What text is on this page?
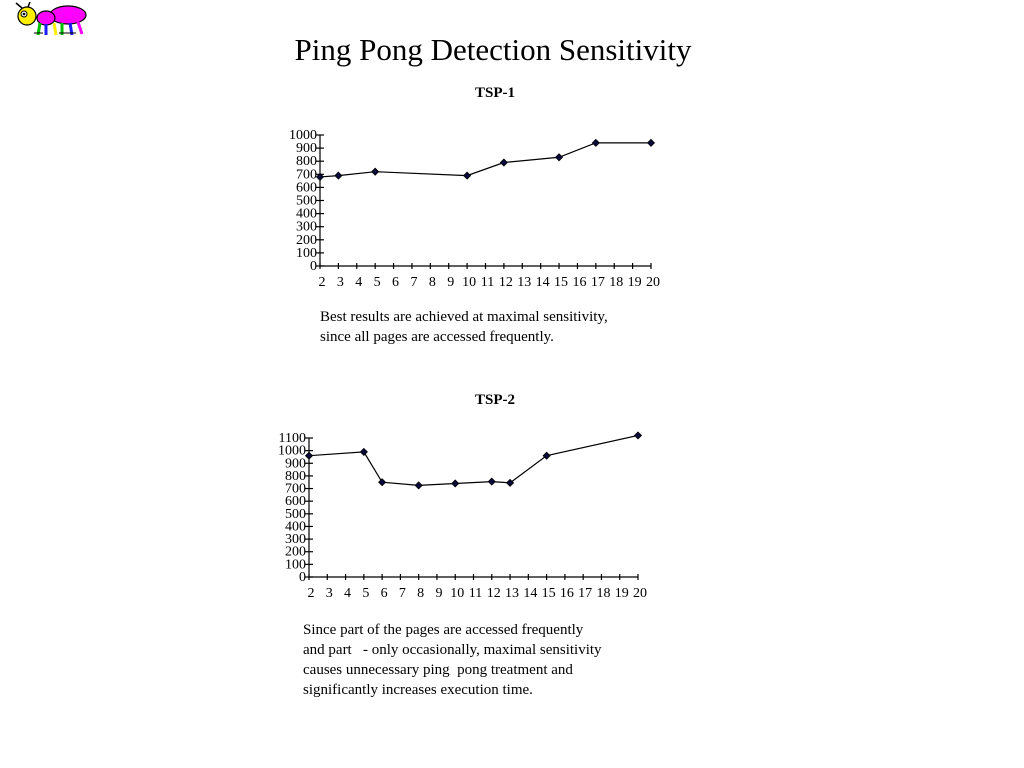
Ping Pong Detection Sensitivity
TSP-1
TSP-2
0
100
200
300
400
500
600
700
800
900
1000
2 3 4 5 6 7 8 9 10 11 12 13 14 15 16 17 18 19 20
0
100
200
300
400
500
600
700
800
900
1000
1100
2 3 4 5 6 7 8 9 10 11 12 13 14 15 16 17 18 19 20
Best results are achieved at maximal sensitivity,
since all pages are accessed frequently.
Since part of the pages are accessed frequently
and part   - only occasionally, maximal sensitivity
causes unnecessary ping  pong treatment and
significantly increases execution time.
